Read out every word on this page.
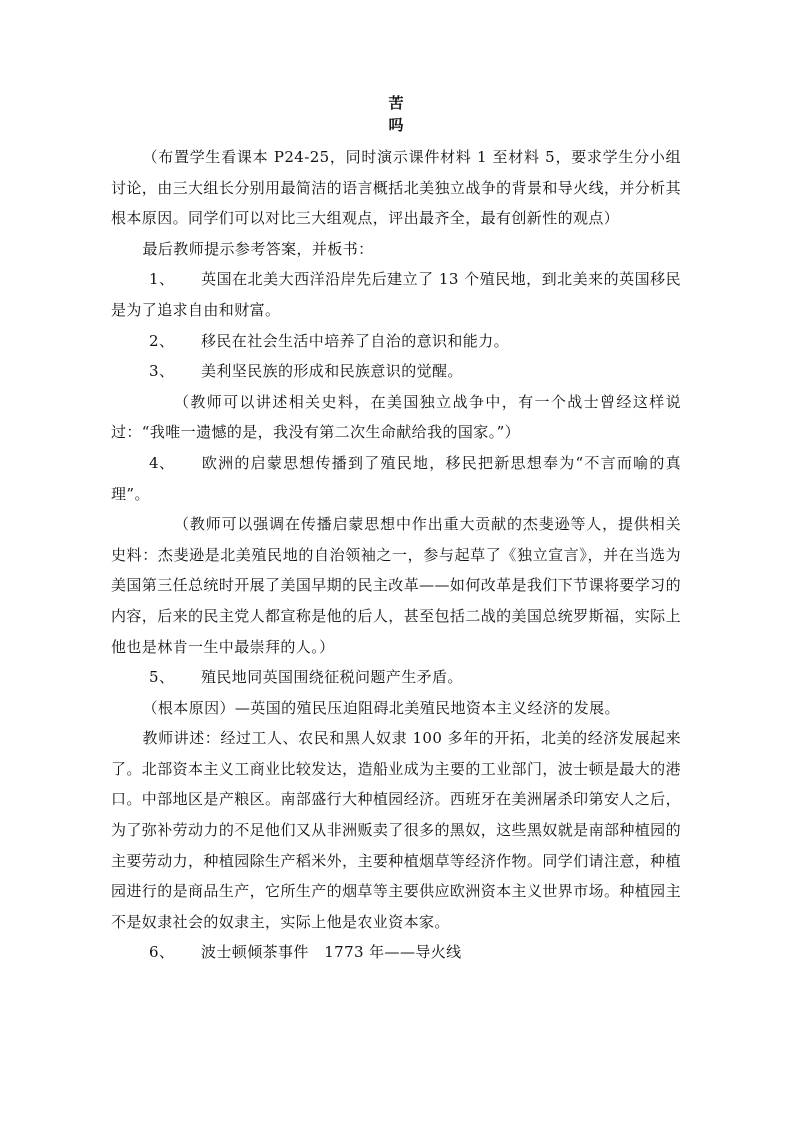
苦
吗

（布置学生看课本 P24-25，同时演示课件材料 1 至材料 5，要求学生分小组讨论，由三大组长分别用最简洁的语言概括北美独立战争的背景和导火线，并分析其根本原因。同学们可以对比三大组观点，评出最齐全，最有创新性的观点）

最后教师提示参考答案，并板书：

1、 英国在北美大西洋沿岸先后建立了 13 个殖民地，到北美来的英国移民是为了追求自由和财富。

2、 移民在社会生活中培养了自治的意识和能力。

3、 美利坚民族的形成和民族意识的觉醒。

（教师可以讲述相关史料，在美国独立战争中，有一个战士曾经这样说过：“我唯一遗憾的是，我没有第二次生命献给我的国家。”）

4、 欧洲的启蒙思想传播到了殖民地，移民把新思想奉为“不言而喻的真理”。

（教师可以强调在传播启蒙思想中作出重大贡献的杰斐逊等人，提供相关史料：杰斐逊是北美殖民地的自治领袖之一，参与起草了《独立宣言》，并在当选为美国第三任总统时开展了美国早期的民主改革——如何改革是我们下节课将要学习的内容，后来的民主党人都宣称是他的后人，甚至包括二战的美国总统罗斯福，实际上他也是林肯一生中最崇拜的人。）

5、 殖民地同英国围绕征税问题产生矛盾。

（根本原因）—英国的殖民压迫阻碍北美殖民地资本主义经济的发展。

教师讲述：经过工人、农民和黑人奴隶 100 多年的开拓，北美的经济发展起来了。北部资本主义工商业比较发达，造船业成为主要的工业部门，波士顿是最大的港口。中部地区是产粮区。南部盛行大种植园经济。西班牙在美洲屠杀印第安人之后，为了弥补劳动力的不足他们又从非洲贩卖了很多的黑奴，这些黑奴就是南部种植园的主要劳动力，种植园除生产稻米外，主要种植烟草等经济作物。同学们请注意，种植园进行的是商品生产，它所生产的烟草等主要供应欧洲资本主义世界市场。种植园主不是奴隶社会的奴隶主，实际上他是农业资本家。

6、 波士顿倾茶事件　1773 年——导火线
